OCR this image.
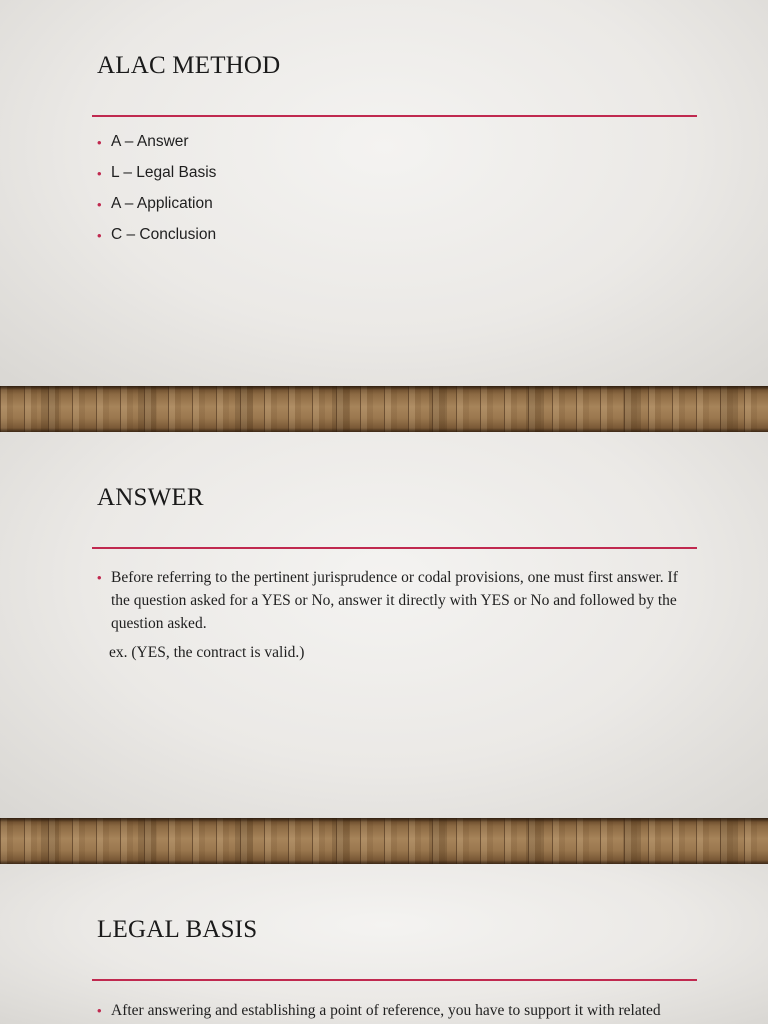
ALAC METHOD
• A – Answer
• L – Legal Basis
• A – Application
• C – Conclusion
ANSWER
• Before referring to the pertinent jurisprudence or codal provisions, one must first answer. If the question asked for a YES or No, answer it directly with YES or No and followed by the question asked.
ex. (YES, the contract is valid.)
LEGAL BASIS
• After answering and establishing a point of reference, you have to support it with related
